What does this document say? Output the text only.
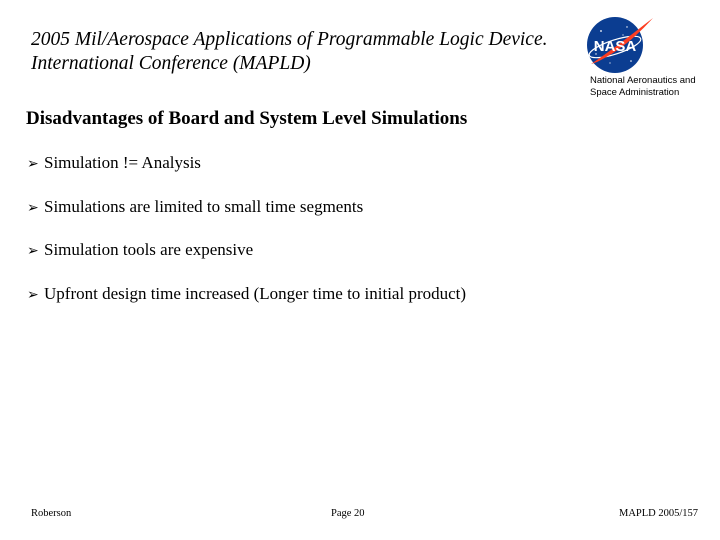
2005 Mil/Aerospace Applications of Programmable Logic Device.
International Conference (MAPLD)
NASA
National Aeronautics and
Space Administration
Disadvantages of Board and System Level Simulations
➢ Simulation != Analysis
➢ Simulations are limited to small time segments
➢ Simulation tools are expensive
➢ Upfront design time increased (Longer time to initial product)
Roberson	Page 20	MAPLD 2005/157
